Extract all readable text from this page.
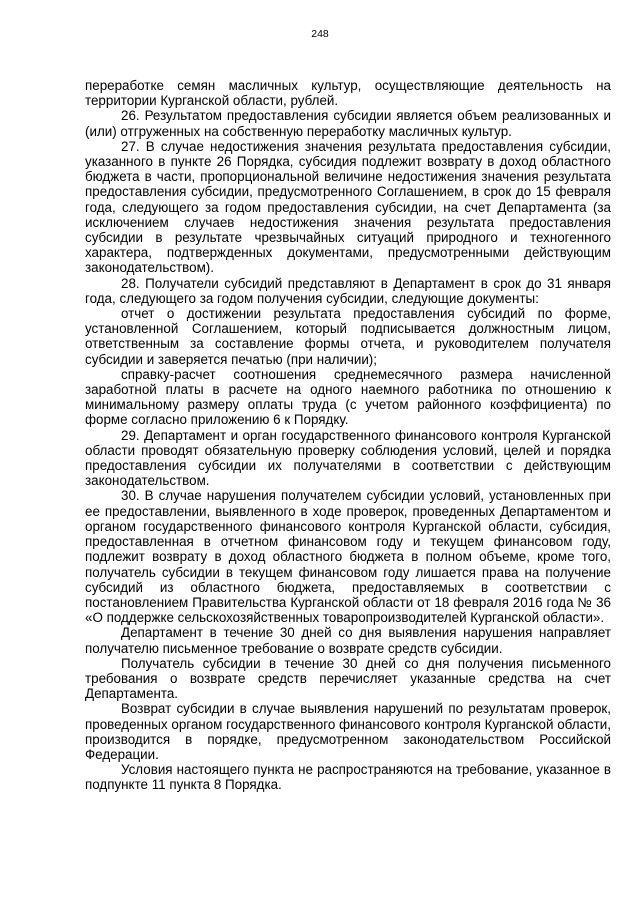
248

переработке семян масличных культур, осуществляющие деятельность на территории Курганской области, рублей.

26. Результатом предоставления субсидии является объем реализованных и (или) отгруженных на собственную переработку масличных культур.

27. В случае недостижения значения результата предоставления субсидии, указанного в пункте 26 Порядка, субсидия подлежит возврату в доход областного бюджета в части, пропорциональной величине недостижения значения результата предоставления субсидии, предусмотренного Соглашением, в срок до 15 февраля года, следующего за годом предоставления субсидии, на счет Департамента (за исключением случаев недостижения значения результата предоставления субсидии в результате чрезвычайных ситуаций природного и техногенного характера, подтвержденных документами, предусмотренными действующим законодательством).

28. Получатели субсидий представляют в Департамент в срок до 31 января года, следующего за годом получения субсидии, следующие документы:

отчет о достижении результата предоставления субсидий по форме, установленной Соглашением, который подписывается должностным лицом, ответственным за составление формы отчета, и руководителем получателя субсидии и заверяется печатью (при наличии);

справку-расчет соотношения среднемесячного размера начисленной заработной платы в расчете на одного наемного работника по отношению к минимальному размеру оплаты труда (с учетом районного коэффициента) по форме согласно приложению 6 к Порядку.

29. Департамент и орган государственного финансового контроля Курганской области проводят обязательную проверку соблюдения условий, целей и порядка предоставления субсидии их получателями в соответствии с действующим законодательством.

30. В случае нарушения получателем субсидии условий, установленных при ее предоставлении, выявленного в ходе проверок, проведенных Департаментом и органом государственного финансового контроля Курганской области, субсидия, предоставленная в отчетном финансовом году и текущем финансовом году, подлежит возврату в доход областного бюджета в полном объеме, кроме того, получатель субсидии в текущем финансовом году лишается права на получение субсидий из областного бюджета, предоставляемых в соответствии с постановлением Правительства Курганской области от 18 февраля 2016 года № 36 «О поддержке сельскохозяйственных товаропроизводителей Курганской области».

Департамент в течение 30 дней со дня выявления нарушения направляет получателю письменное требование о возврате средств субсидии.

Получатель субсидии в течение 30 дней со дня получения письменного требования о возврате средств перечисляет указанные средства на счет Департамента.

Возврат субсидии в случае выявления нарушений по результатам проверок, проведенных органом государственного финансового контроля Курганской области, производится в порядке, предусмотренном законодательством Российской Федерации.

Условия настоящего пункта не распространяются на требование, указанное в подпункте 11 пункта 8 Порядка.
